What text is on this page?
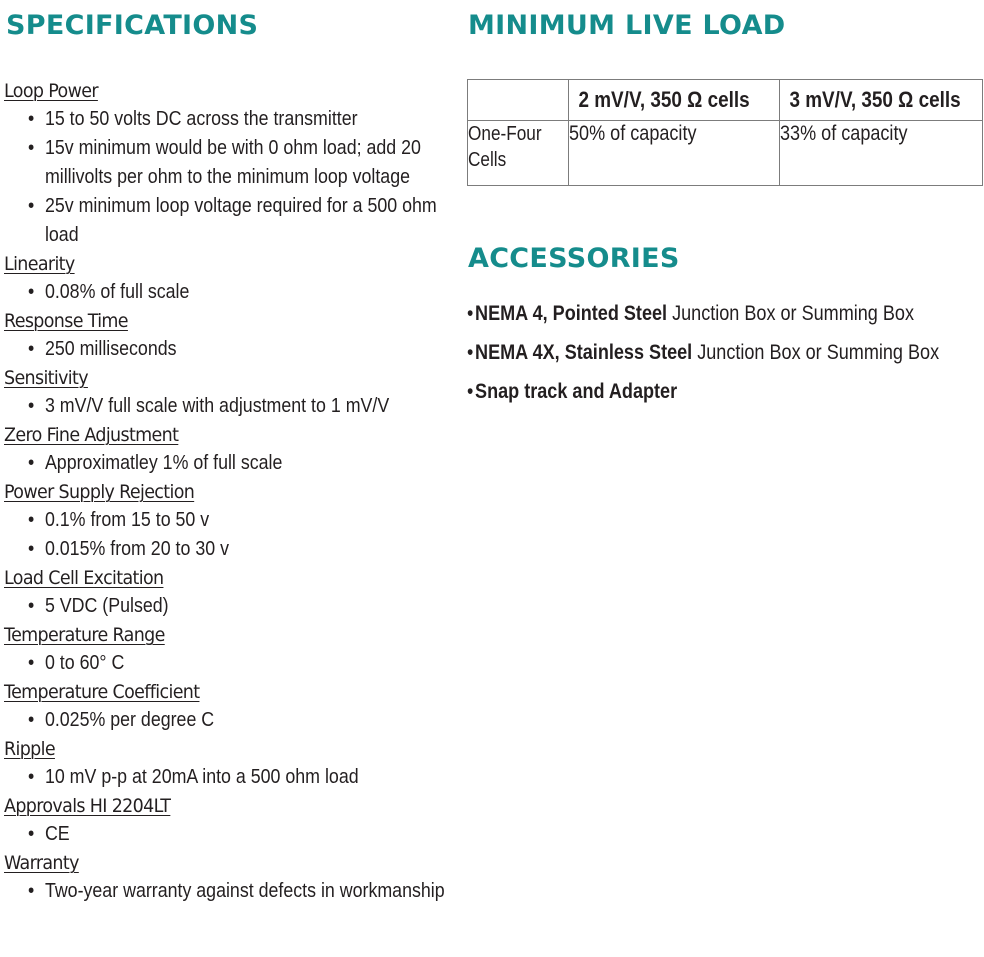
SPECIFICATIONS
Loop Power
• 15 to 50 volts DC across the transmitter
• 15v minimum would be with 0 ohm load; add 20 millivolts per ohm to the minimum loop voltage
• 25v minimum loop voltage required for a 500 ohm load
Linearity
• 0.08% of full scale
Response Time
• 250 milliseconds
Sensitivity
• 3 mV/V full scale with adjustment to 1 mV/V
Zero Fine Adjustment
• Approximatley 1% of full scale
Power Supply Rejection
• 0.1% from 15 to 50 v
• 0.015% from 20 to 30 v
Load Cell Excitation
• 5 VDC (Pulsed)
Temperature Range
• 0 to 60° C
Temperature Coefficient
• 0.025% per degree C
Ripple
• 10 mV p-p at 20mA into a 500 ohm load
Approvals HI 2204LT
• CE
Warranty
• Two-year warranty against defects in workmanship
MINIMUM LIVE LOAD
	2 mV/V, 350 Ω cells	3 mV/V, 350 Ω cells
One-Four Cells	50% of capacity	33% of capacity
ACCESSORIES
•NEMA 4, Pointed Steel Junction Box or Summing Box
•NEMA 4X, Stainless Steel Junction Box or Summing Box
•Snap track and Adapter
